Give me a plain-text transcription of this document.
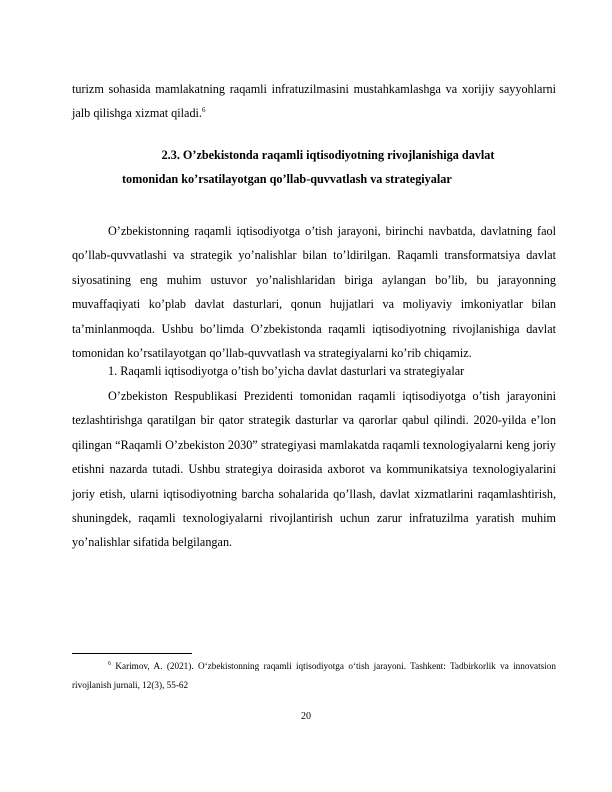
turizm sohasida mamlakatning raqamli infratuzilmasini mustahkamlashga va xorijiy sayyohlarni jalb qilishga xizmat qiladi.$^6$

2.3. O’zbekistonda raqamli iqtisodiyotning rivojlanishiga davlat

tomonidan ko’rsatilayotgan qo’llab-quvvatlash va strategiyalar

O’zbekistonning raqamli iqtisodiyotga o’tish jarayoni, birinchi navbatda, davlatning faol qo’llab-quvvatlashi va strategik yo’nalishlar bilan to’ldirilgan. Raqamli transformatsiya davlat siyosatining eng muhim ustuvor yo’nalishlaridan biriga aylangan bo’lib, bu jarayonning muvaffaqiyati ko’plab davlat dasturlari, qonun hujjatlari va moliyaviy imkoniyatlar bilan ta’minlanmoqda. Ushbu bo’limda O’zbekistonda raqamli iqtisodiyotning rivojlanishiga davlat tomonidan ko’rsatilayotgan qo’llab-quvvatlash va strategiyalarni ko’rib chiqamiz.

1. Raqamli iqtisodiyotga o’tish bo’yicha davlat dasturlari va strategiyalar

O’zbekiston Respublikasi Prezidenti tomonidan raqamli iqtisodiyotga o’tish jarayonini tezlashtirishga qaratilgan bir qator strategik dasturlar va qarorlar qabul qilindi. 2020-yilda e’lon qilingan “Raqamli O’zbekiston 2030” strategiyasi mamlakatda raqamli texnologiyalarni keng joriy etishni nazarda tutadi. Ushbu strategiya doirasida axborot va kommunikatsiya texnologiyalarini joriy etish, ularni iqtisodiyotning barcha sohalarida qo’llash, davlat xizmatlarini raqamlashtirish, shuningdek, raqamli texnologiyalarni rivojlantirish uchun zarur infratuzilma yaratish muhim yo’nalishlar sifatida belgilangan.

$^6$ Karimov, A. (2021). O‘zbekistonning raqamli iqtisodiyotga o‘tish jarayoni. Tashkent: Tadbirkorlik va innovatsion rivojlanish jurnali, 12(3), 55-62

20
